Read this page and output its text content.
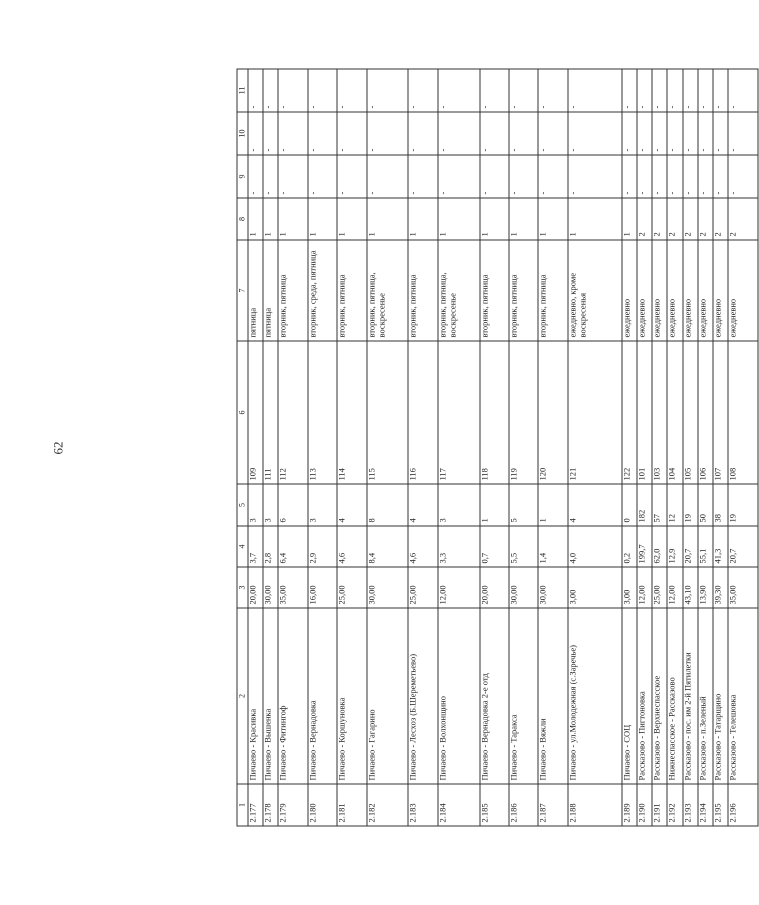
62
1	2	3	4	5	6	7	8	9	10	11
2.177	Пичаево - Красивка	20,00	3,7	3	109	пятница	1	-	-	-
2.178	Пичаево - Вышенка	30,00	2,8	3	111	пятница	1	-	-	-
2.179	Пичаево - Фитингоф	35,00	6,4	6	112	вторник, пятница	1	-	-	-
2.180	Пичаево - Вернадовка	16,00	2,9	3	113	вторник, среда, пятница	1	-	-	-
2.181	Пичаево - Коршуновка	25,00	4,6	4	114	вторник, пятница	1	-	-	-
2.182	Пичаево - Гагарино	30,00	8,4	8	115	вторник, пятница, воскресенье	1	-	-	-
2.183	Пичаево - Лесхоз (Б.Шереметьево)	25,00	4,6	4	116	вторник, пятница	1	-	-	-
2.184	Пичаево - Волхонщино	12,00	3,3	3	117	вторник, пятница, воскресенье	1	-	-	-
2.185	Пичаево - Вернадовка 2-е отд	20,00	0,7	1	118	вторник, пятница	1	-	-	-
2.186	Пичаево - Таракса	30,00	5,5	5	119	вторник, пятница	1	-	-	-
2.187	Пичаево - Вяжли	30,00	1,4	1	120	вторник, пятница	1	-	-	-
2.188	Пичаево - ул.Молодежная (с.Заречье)	3,00	4,0	4	121	ежедневно, кроме воскресенья	1	-	-	-
2.189	Пичаево - СОЦ	3,00	0,2	0	122	ежедневно	1	-	-	-
2.190	Рассказово - Пигтоновка	12,00	199,7	182	101	ежедневно	2	-	-	-
2.191	Рассказово - Верхнеспасское	25,00	62,0	57	103	ежедневно	2	-	-	-
2.192	Нижнеспасское - Рассказово	12,00	12,9	12	104	ежедневно	2	-	-	-
2.193	Рассказово - пос. им 2-й Пятилетки	43,10	20,7	19	105	ежедневно	2	-	-	-
2.194	Рассказово - п.Зеленый	13,90	55,1	50	106	ежедневно	2	-	-	-
2.195	Рассказово - Татарщино	39,30	41,3	38	107	ежедневно	2	-	-	-
2.196	Рассказово - Телешовка	35,00	20,7	19	108	ежедневно	2	-	-	-
